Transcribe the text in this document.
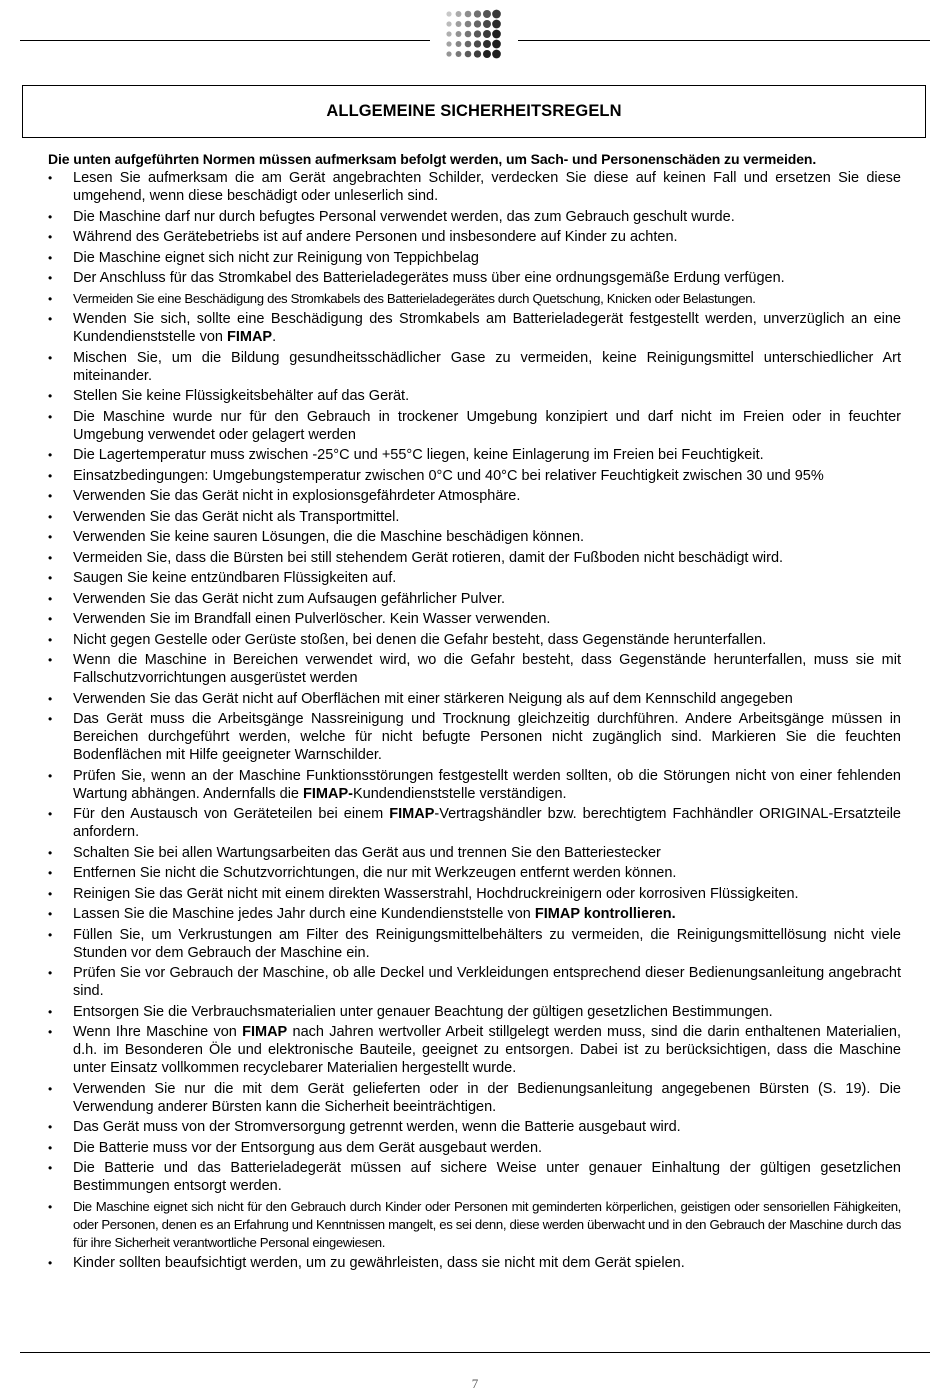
ALLGEMEINE SICHERHEITSREGELN

Die unten aufgeführten Normen müssen aufmerksam befolgt werden, um Sach- und Personenschäden zu vermeiden.

• Lesen Sie aufmerksam die am Gerät angebrachten Schilder, verdecken Sie diese auf keinen Fall und ersetzen Sie diese umgehend, wenn diese beschädigt oder unleserlich sind.
• Die Maschine darf nur durch befugtes Personal verwendet werden, das zum Gebrauch geschult wurde.
• Während des Gerätebetriebs ist auf andere Personen und insbesondere auf Kinder zu achten.
• Die Maschine eignet sich nicht zur Reinigung von Teppichbelag
• Der Anschluss für das Stromkabel des Batterieladegerätes muss über eine ordnungsgemäße Erdung verfügen.
• Vermeiden Sie eine Beschädigung des Stromkabels des Batterieladegerätes durch Quetschung, Knicken oder Belastungen.
• Wenden Sie sich, sollte eine Beschädigung des Stromkabels am Batterieladegerät festgestellt werden, unverzüglich an eine Kundendienststelle von FIMAP.
• Mischen Sie, um die Bildung gesundheitsschädlicher Gase zu vermeiden, keine Reinigungsmittel unterschiedlicher Art miteinander.
• Stellen Sie keine Flüssigkeitsbehälter auf das Gerät.
• Die Maschine wurde nur für den Gebrauch in trockener Umgebung konzipiert und darf nicht im Freien oder in feuchter Umgebung verwendet oder gelagert werden
• Die Lagertemperatur muss zwischen -25°C und +55°C liegen, keine Einlagerung im Freien bei Feuchtigkeit.
• Einsatzbedingungen: Umgebungstemperatur zwischen 0°C und 40°C bei relativer Feuchtigkeit zwischen 30 und 95%
• Verwenden Sie das Gerät nicht in explosionsgefährdeter Atmosphäre.
• Verwenden Sie das Gerät nicht als Transportmittel.
• Verwenden Sie keine sauren Lösungen, die die Maschine beschädigen können.
• Vermeiden Sie, dass die Bürsten bei still stehendem Gerät rotieren, damit der Fußboden nicht beschädigt wird.
• Saugen Sie keine entzündbaren Flüssigkeiten auf.
• Verwenden Sie das Gerät nicht zum Aufsaugen gefährlicher Pulver.
• Verwenden Sie im Brandfall einen Pulverlöscher. Kein Wasser verwenden.
• Nicht gegen Gestelle oder Gerüste stoßen, bei denen die Gefahr besteht, dass Gegenstände herunterfallen.
• Wenn die Maschine in Bereichen verwendet wird, wo die Gefahr besteht, dass Gegenstände herunterfallen, muss sie mit Fallschutzvorrichtungen ausgerüstet werden
• Verwenden Sie das Gerät nicht auf Oberflächen mit einer stärkeren Neigung als auf dem Kennschild angegeben
• Das Gerät muss die Arbeitsgänge Nassreinigung und Trocknung gleichzeitig durchführen. Andere Arbeitsgänge müssen in Bereichen durchgeführt werden, welche für nicht befugte Personen nicht zugänglich sind. Markieren Sie die feuchten Bodenflächen mit Hilfe geeigneter Warnschilder.
• Prüfen Sie, wenn an der Maschine Funktionsstörungen festgestellt werden sollten, ob die Störungen nicht von einer fehlenden Wartung abhängen. Andernfalls die FIMAP-Kundendienststelle verständigen.
• Für den Austausch von Geräteteilen bei einem FIMAP-Vertragshändler bzw. berechtigtem Fachhändler ORIGINAL-Ersatzteile anfordern.
• Schalten Sie bei allen Wartungsarbeiten das Gerät aus und trennen Sie den Batteriestecker
• Entfernen Sie nicht die Schutzvorrichtungen, die nur mit Werkzeugen entfernt werden können.
• Reinigen Sie das Gerät nicht mit einem direkten Wasserstrahl, Hochdruckreinigern oder korrosiven Flüssigkeiten.
• Lassen Sie die Maschine jedes Jahr durch eine Kundendienststelle von FIMAP kontrollieren.
• Füllen Sie, um Verkrustungen am Filter des Reinigungsmittelbehälters zu vermeiden, die Reinigungsmittellösung nicht viele Stunden vor dem Gebrauch der Maschine ein.
• Prüfen Sie vor Gebrauch der Maschine, ob alle Deckel und Verkleidungen entsprechend dieser Bedienungsanleitung angebracht sind.
• Entsorgen Sie die Verbrauchsmaterialien unter genauer Beachtung der gültigen gesetzlichen Bestimmungen.
• Wenn Ihre Maschine von FIMAP nach Jahren wertvoller Arbeit stillgelegt werden muss, sind die darin enthaltenen Materialien, d.h. im Besonderen Öle und elektronische Bauteile, geeignet zu entsorgen. Dabei ist zu berücksichtigen, dass die Maschine unter Einsatz vollkommen recyclebarer Materialien hergestellt wurde.
• Verwenden Sie nur die mit dem Gerät gelieferten oder in der Bedienungsanleitung angegebenen Bürsten (S. 19). Die Verwendung anderer Bürsten kann die Sicherheit beeinträchtigen.
• Das Gerät muss von der Stromversorgung getrennt werden, wenn die Batterie ausgebaut wird.
• Die Batterie muss vor der Entsorgung aus dem Gerät ausgebaut werden.
• Die Batterie und das Batterieladegerät müssen auf sichere Weise unter genauer Einhaltung der gültigen gesetzlichen Bestimmungen entsorgt werden.
• Die Maschine eignet sich nicht für den Gebrauch durch Kinder oder Personen mit geminderten körperlichen, geistigen oder sensoriellen Fähigkeiten, oder Personen, denen es an Erfahrung und Kenntnissen mangelt, es sei denn, diese werden überwacht und in den Gebrauch der Maschine durch das für ihre Sicherheit verantwortliche Personal eingewiesen.
• Kinder sollten beaufsichtigt werden, um zu gewährleisten, dass sie nicht mit dem Gerät spielen.
7
